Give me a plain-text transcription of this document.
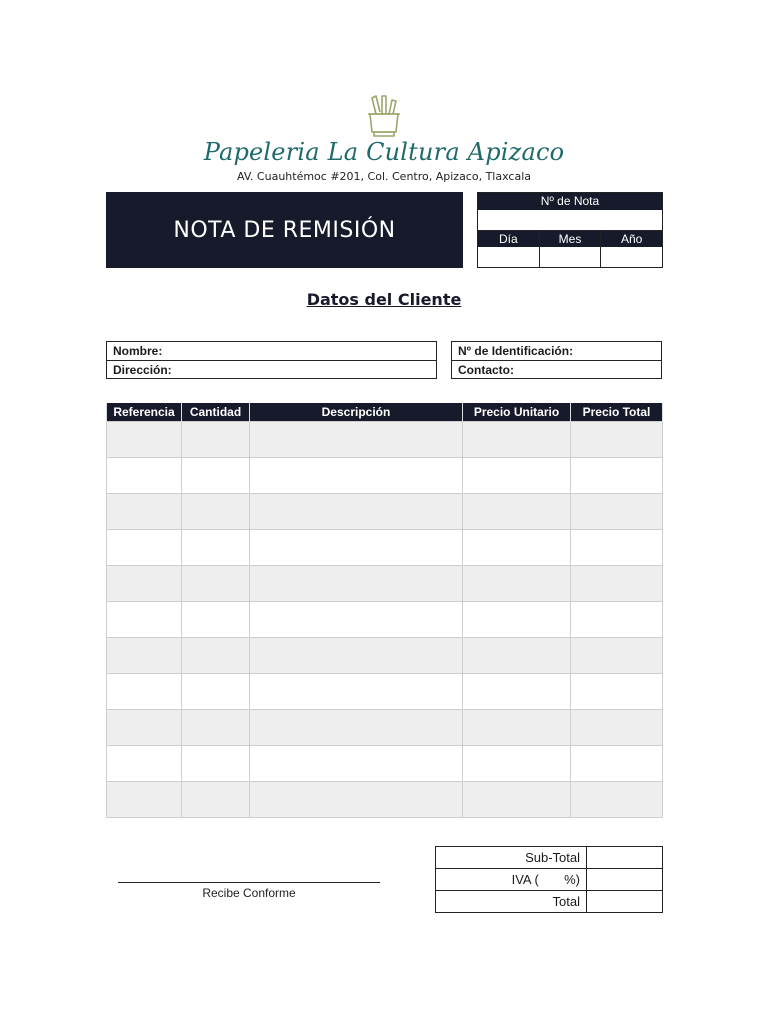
Papeleria La Cultura Apizaco
AV. Cuauhtémoc #201, Col. Centro, Apizaco, Tlaxcala
NOTA DE REMISIÓN
Nº de Nota
Día	Mes	Año
Datos del Cliente
Nombre:
Dirección:
Nº de Identificación:
Contacto:
Referencia	Cantidad	Descripción	Precio Unitario	Precio Total

Recibe Conforme
Sub-Total	
IVA (       %)	
Total	
